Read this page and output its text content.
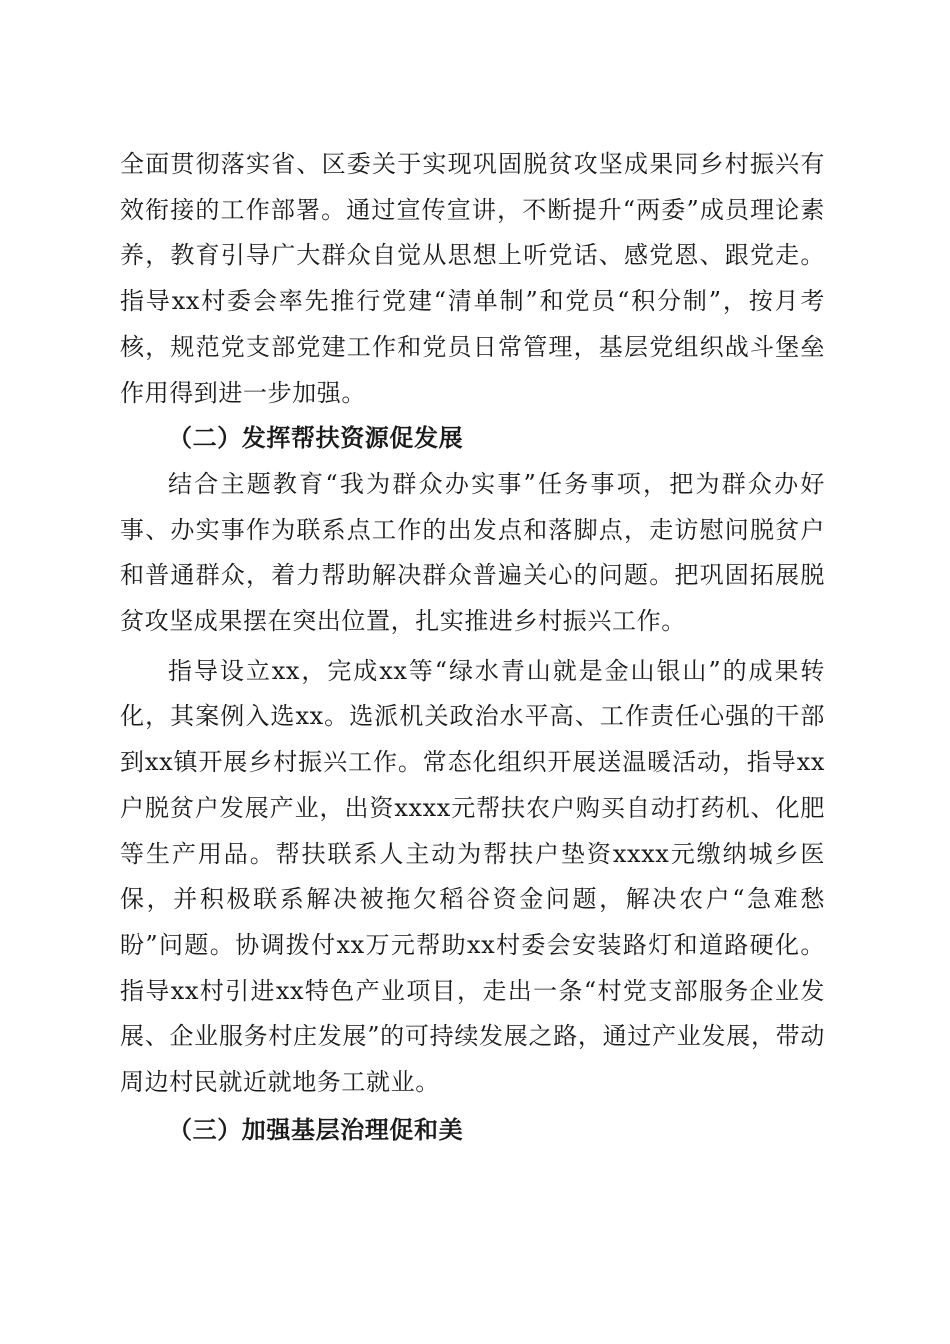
全面贯彻落实省、区委关于实现巩固脱贫攻坚成果同乡村振兴有效衔接的工作部署。通过宣传宣讲，不断提升“两委”成员理论素养，教育引导广大群众自觉从思想上听党话、感党恩、跟党走。指导xx村委会率先推行党建“清单制”和党员“积分制”，按月考核，规范党支部党建工作和党员日常管理，基层党组织战斗堡垒作用得到进一步加强。

（二）发挥帮扶资源促发展

结合主题教育“我为群众办实事”任务事项，把为群众办好事、办实事作为联系点工作的出发点和落脚点，走访慰问脱贫户和普通群众，着力帮助解决群众普遍关心的问题。把巩固拓展脱贫攻坚成果摆在突出位置，扎实推进乡村振兴工作。

指导设立xx，完成xx等“绿水青山就是金山银山”的成果转化，其案例入选xx。选派机关政治水平高、工作责任心强的干部到xx镇开展乡村振兴工作。常态化组织开展送温暖活动，指导xx户脱贫户发展产业，出资xxxx元帮扶农户购买自动打药机、化肥等生产用品。帮扶联系人主动为帮扶户垫资xxxx元缴纳城乡医保，并积极联系解决被拖欠稻谷资金问题，解决农户“急难愁盼”问题。协调拨付xx万元帮助xx村委会安装路灯和道路硬化。指导xx村引进xx特色产业项目，走出一条“村党支部服务企业发展、企业服务村庄发展”的可持续发展之路，通过产业发展，带动周边村民就近就地务工就业。

（三）加强基层治理促和美
